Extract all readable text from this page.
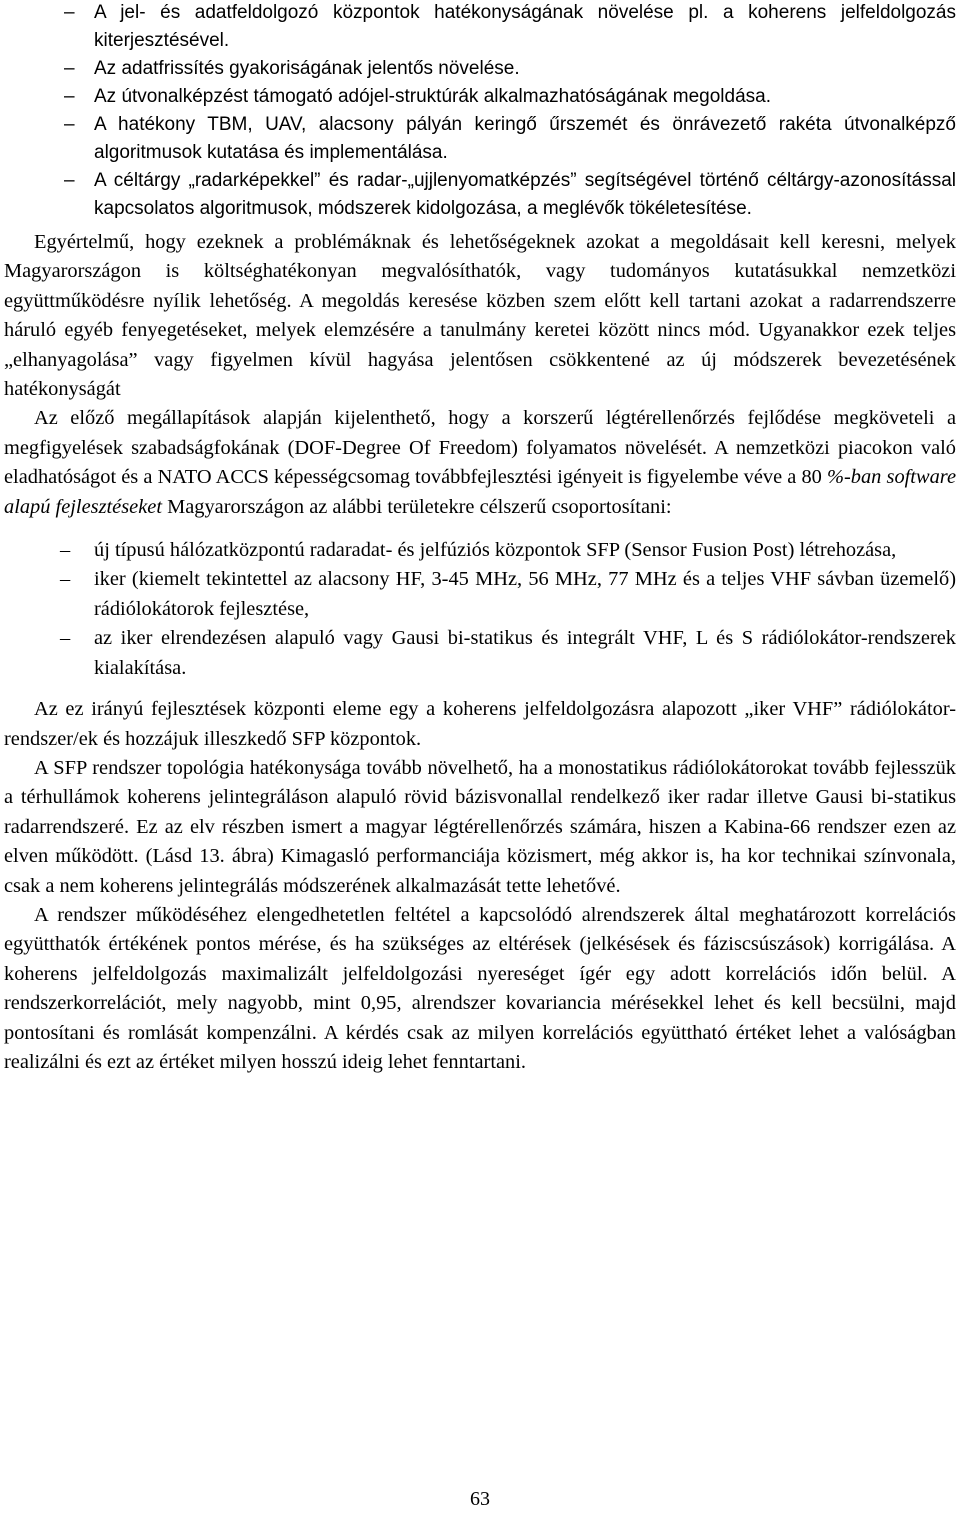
– A jel- és adatfeldolgozó központok hatékonyságának növelése pl. a koherens jelfeldolgozás kiterjesztésével.
– Az adatfrissítés gyakoriságának jelentős növelése.
– Az útvonalképzést támogató adójel-struktúrák alkalmazhatóságának megoldása.
– A hatékony TBM, UAV, alacsony pályán keringő űrszemét és önrávezető rakéta útvonalképző algoritmusok kutatása és implementálása.
– A céltárgy „radarképekkel” és radar-„ujjlenyomatképzés” segítségével történő céltárgy-azonosítással kapcsolatos algoritmusok, módszerek kidolgozása, a meglévők tökéletesítése.

Egyértelmű, hogy ezeknek a problémáknak és lehetőségeknek azokat a megoldásait kell keresni, melyek Magyarországon is költséghatékonyan megvalósíthatók, vagy tudományos kutatásukkal nemzetközi együttműködésre nyílik lehetőség. A megoldás keresése közben szem előtt kell tartani azokat a radarrendszerre háruló egyéb fenyegetéseket, melyek elemzésére a tanulmány keretei között nincs mód. Ugyanakkor ezek teljes „elhanyagolása” vagy figyelmen kívül hagyása jelentősen csökkentené az új módszerek bevezetésének hatékonyságát

Az előző megállapítások alapján kijelenthető, hogy a korszerű légtérellenőrzés fejlődése megköveteli a megfigyelések szabadságfokának (DOF-Degree Of Freedom) folyamatos növelését. A nemzetközi piacokon való eladhatóságot és a NATO ACCS képességcsomag továbbfejlesztési igényeit is figyelembe véve a 80 %-ban software alapú fejlesztéseket Magyarországon az alábbi területekre célszerű csoportosítani:

– új típusú hálózatközpontú radaradat- és jelfúziós központok SFP (Sensor Fusion Post) létrehozása,
– iker (kiemelt tekintettel az alacsony HF, 3-45 MHz, 56 MHz, 77 MHz és a teljes VHF sávban üzemelő) rádiólokátorok fejlesztése,
– az iker elrendezésen alapuló vagy Gausi bi-statikus és integrált VHF, L és S rádiólokátor-rendszerek kialakítása.

Az ez irányú fejlesztések központi eleme egy a koherens jelfeldolgozásra alapozott „iker VHF” rádiólokátor-rendszer/ek és hozzájuk illeszkedő SFP központok.

A SFP rendszer topológia hatékonysága tovább növelhető, ha a monostatikus rádiólokátorokat tovább fejlesszük a térhullámok koherens jelintegráláson alapuló rövid bázisvonallal rendelkező iker radar illetve Gausi bi-statikus radarrendszeré. Ez az elv részben ismert a magyar légtérellenőrzés számára, hiszen a Kabina-66 rendszer ezen az elven működött. (Lásd 13. ábra) Kimagasló performanciája közismert, még akkor is, ha kor technikai színvonala, csak a nem koherens jelintegrálás módszerének alkalmazását tette lehetővé.

A rendszer működéséhez elengedhetetlen feltétel a kapcsolódó alrendszerek által meghatározott korrelációs együtthatók értékének pontos mérése, és ha szükséges az eltérések (jelkésések és fáziscsúszások) korrigálása. A koherens jelfeldolgozás maximalizált jelfeldolgozási nyereséget ígér egy adott korrelációs időn belül. A rendszerkorrelációt, mely nagyobb, mint 0,95, alrendszer kovariancia mérésekkel lehet és kell becsülni, majd pontosítani és romlását kompenzálni. A kérdés csak az milyen korrelációs együttható értéket lehet a valóságban realizálni és ezt az értéket milyen hosszú ideig lehet fenntartani.

63
